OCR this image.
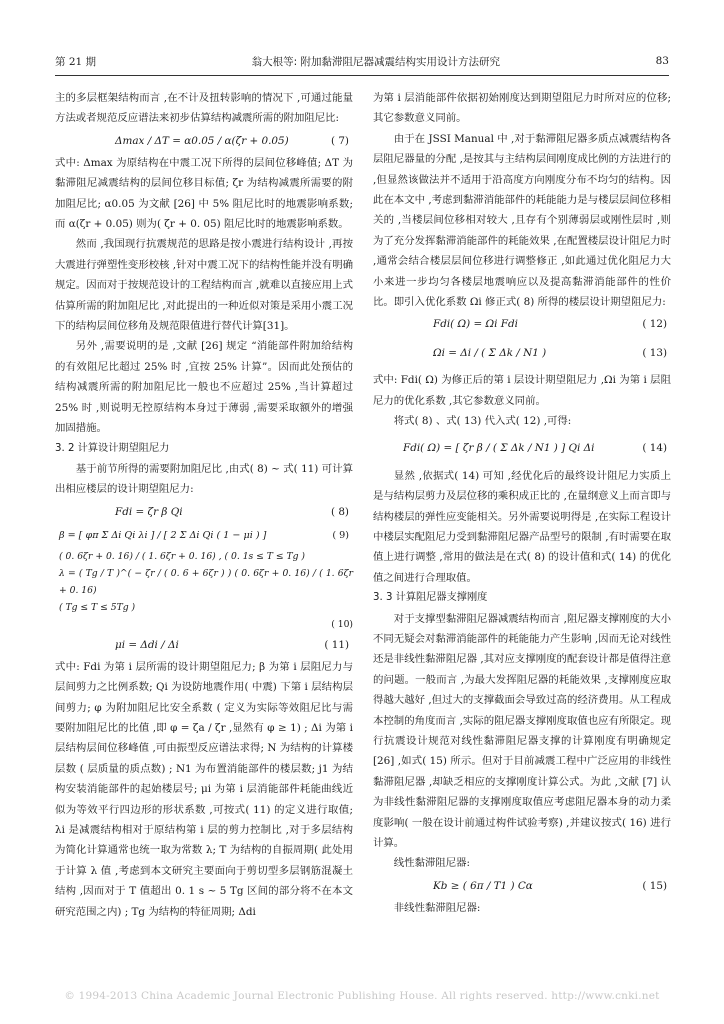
第 21 期	翁大根等: 附加黏滞阻尼器减震结构实用设计方法研究	83

主的多层框架结构而言 ,在不计及扭转影响的情况下 ,可通过能量方法或者规范反应谱法来初步估算结构减震所需的附加阻尼比:

Δmax / ΔT = α0.05 / α(ζr + 0.05)	( 7)

式中: Δmax 为原结构在中震工况下所得的层间位移峰值; ΔT 为黏滞阻尼减震结构的层间位移目标值; ζr 为结构减震所需要的附加阻尼比; α0.05 为文献 [26] 中 5% 阻尼比时的地震影响系数; 而 α(ζr + 0.05) 则为( ζr + 0. 05) 阻尼比时的地震影响系数。

然而 ,我国现行抗震规范的思路是按小震进行结构设计 ,再按大震进行弹塑性变形校核 ,针对中震工况下的结构性能并没有明确规定。因而对于按规范设计的工程结构而言 ,就难以直接应用上式估算所需的附加阻尼比 ,对此提出的一种近似对策是采用小震工况下的结构层间位移角及规范限值进行替代计算[31]。

另外 ,需要说明的是 ,文献 [26] 规定 “消能部件附加给结构的有效阻尼比超过 25% 时 ,宜按 25% 计算”。因而此处预估的结构减震所需的附加阻尼比一般也不应超过 25% ,当计算超过 25% 时 ,则说明无控原结构本身过于薄弱 ,需要采取额外的增强加固措施。

3. 2 计算设计期望阻尼力

基于前节所得的需要附加阻尼比 ,由式( 8) ~ 式( 11) 可计算出相应楼层的设计期望阻尼力:

Fdi = ζr β Qi	( 8)
β = [ φπ Σ Δi Qi λi ] / [ 2 Σ Δi Qi ( 1 − μi ) ]	( 9)
( 0. 6ζr + 0. 16) / ( 1. 6ζr + 0. 16) , ( 0. 1s ≤ T ≤ Tg )
λ = ( Tg / T )^( − ζr / ( 0. 6 + 6ζr ) ) ( 0. 6ζr + 0. 16) / ( 1. 6ζr + 0. 16)
( Tg ≤ T ≤ 5Tg )
( 10)
μi = Δdi / Δi	( 11)

式中: Fdi 为第 i 层所需的设计期望阻尼力; β 为第 i 层阻尼力与层间剪力之比例系数; Qi 为设防地震作用( 中震) 下第 i 层结构层间剪力; φ 为附加阻尼比安全系数 ( 定义为实际等效阻尼比与需要附加阻尼比的比值 ,即 φ = ζa / ζr ,显然有 φ ≥ 1) ; Δi 为第 i 层结构层间位移峰值 ,可由振型反应谱法求得; N 为结构的计算楼层数 ( 层质量的质点数) ; N1 为布置消能部件的楼层数; j1 为结构安装消能部件的起始楼层号; μi 为第 i 层消能部件耗能曲线近似为等效平行四边形的形状系数 ,可按式( 11) 的定义进行取值; λi 是减震结构相对于原结构第 i 层的剪力控制比 ,对于多层结构为简化计算通常也统一取为常数 λ; T 为结构的自振周期( 此处用于计算 λ 值 ,考虑到本文研究主要面向于剪切型多层钢筋混凝土结构 ,因而对于 T 值超出 0. 1 s ~ 5 Tg 区间的部分将不在本文研究范围之内) ; Tg 为结构的特征周期; Δdi

为第 i 层消能部件依据初始刚度达到期望阻尼力时所对应的位移; 其它参数意义同前。

由于在 JSSI Manual 中 ,对于黏滞阻尼器多质点减震结构各层阻尼器量的分配 ,是按其与主结构层间刚度成比例的方法进行的 ,但显然该做法并不适用于沿高度方向刚度分布不均匀的结构。因此在本文中 ,考虑到黏滞消能部件的耗能能力是与楼层层间位移相关的 ,当楼层间位移相对较大 ,且存有个别薄弱层或刚性层时 ,则为了充分发挥黏滞消能部件的耗能效果 ,在配置楼层设计阻尼力时 ,通常会结合楼层层间位移进行调整修正 ,如此通过优化阻尼力大小来进一步均匀各楼层地震响应以及提高黏滞消能部件的性价比。即引入优化系数 Ωi 修正式( 8) 所得的楼层设计期望阻尼力:

Fdi( Ω) = Ωi Fdi	( 12)
Ωi = Δi / ( Σ Δk / N1 )	( 13)

式中: Fdi( Ω) 为修正后的第 i 层设计期望阻尼力 ,Ωi 为第 i 层阻尼力的优化系数 ,其它参数意义同前。

将式( 8) 、式( 13) 代入式( 12) ,可得:

Fdi( Ω) = [ ζr β / ( Σ Δk / N1 ) ] Qi Δi	( 14)

显然 ,依据式( 14) 可知 ,经优化后的最终设计阻尼力实质上是与结构层剪力及层位移的乘积成正比的 ,在量纲意义上而言即与结构楼层的弹性应变能相关。另外需要说明得是 ,在实际工程设计中楼层实配阻尼力受到黏滞阻尼器产品型号的限制 ,有时需要在取值上进行调整 ,常用的做法是在式( 8) 的设计值和式( 14) 的优化值之间进行合理取值。

3. 3 计算阻尼器支撑刚度

对于支撑型黏滞阻尼器减震结构而言 ,阻尼器支撑刚度的大小不同无疑会对黏滞消能部件的耗能能力产生影响 ,因而无论对线性还是非线性黏滞阻尼器 ,其对应支撑刚度的配套设计都是值得注意的问题。一般而言 ,为最大发挥阻尼器的耗能效果 ,支撑刚度应取得越大越好 ,但过大的支撑截面会导致过高的经济费用。从工程成本控制的角度而言 ,实际的阻尼器支撑刚度取值也应有所限定。现行抗震设计规范对线性黏滞阻尼器支撑的计算刚度有明确规定[26] ,如式( 15) 所示。但对于目前减震工程中广泛应用的非线性黏滞阻尼器 ,却缺乏相应的支撑刚度计算公式。为此 ,文献 [7] 认为非线性黏滞阻尼器的支撑刚度取值应考虑阻尼器本身的动力柔度影响( 一般在设计前通过构件试验考察) ,并建议按式( 16) 进行计算。

线性黏滞阻尼器:

Kb ≥ ( 6π / T1 ) Cα	( 15)

非线性黏滞阻尼器:

© 1994-2013 China Academic Journal Electronic Publishing House. All rights reserved. http://www.cnki.net
